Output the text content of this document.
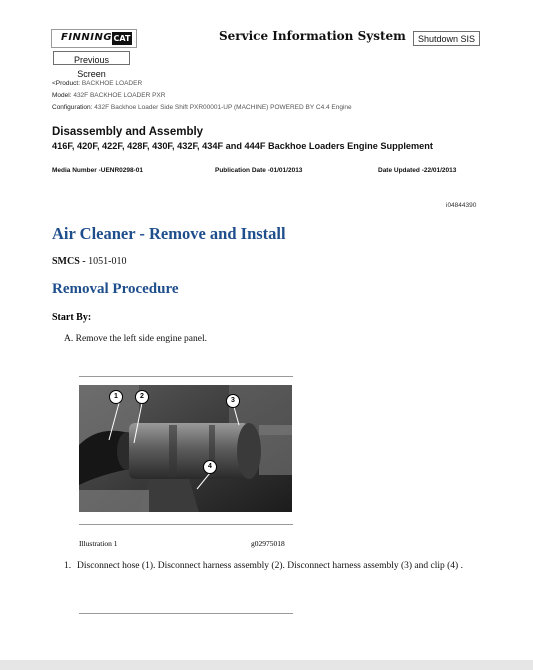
FINNING CAT	Service Information System	Shutdown SIS
Previous Screen
<Product: BACKHOE LOADER
Model: 432F BACKHOE LOADER PXR
Configuration: 432F Backhoe Loader Side Shift PXR00001-UP (MACHINE) POWERED BY C4.4 Engine
Disassembly and Assembly
416F, 420F, 422F, 428F, 430F, 432F, 434F and 444F Backhoe Loaders Engine Supplement
Media Number -UENR0298-01	Publication Date -01/01/2013	Date Updated -22/01/2013
i04844390
Air Cleaner - Remove and Install
SMCS - 1051-010
Removal Procedure
Start By:
A. Remove the left side engine panel.
1	2
3
4
Illustration 1	g02975018
1. Disconnect hose (1). Disconnect harness assembly (2). Disconnect harness assembly (3) and clip (4) .
